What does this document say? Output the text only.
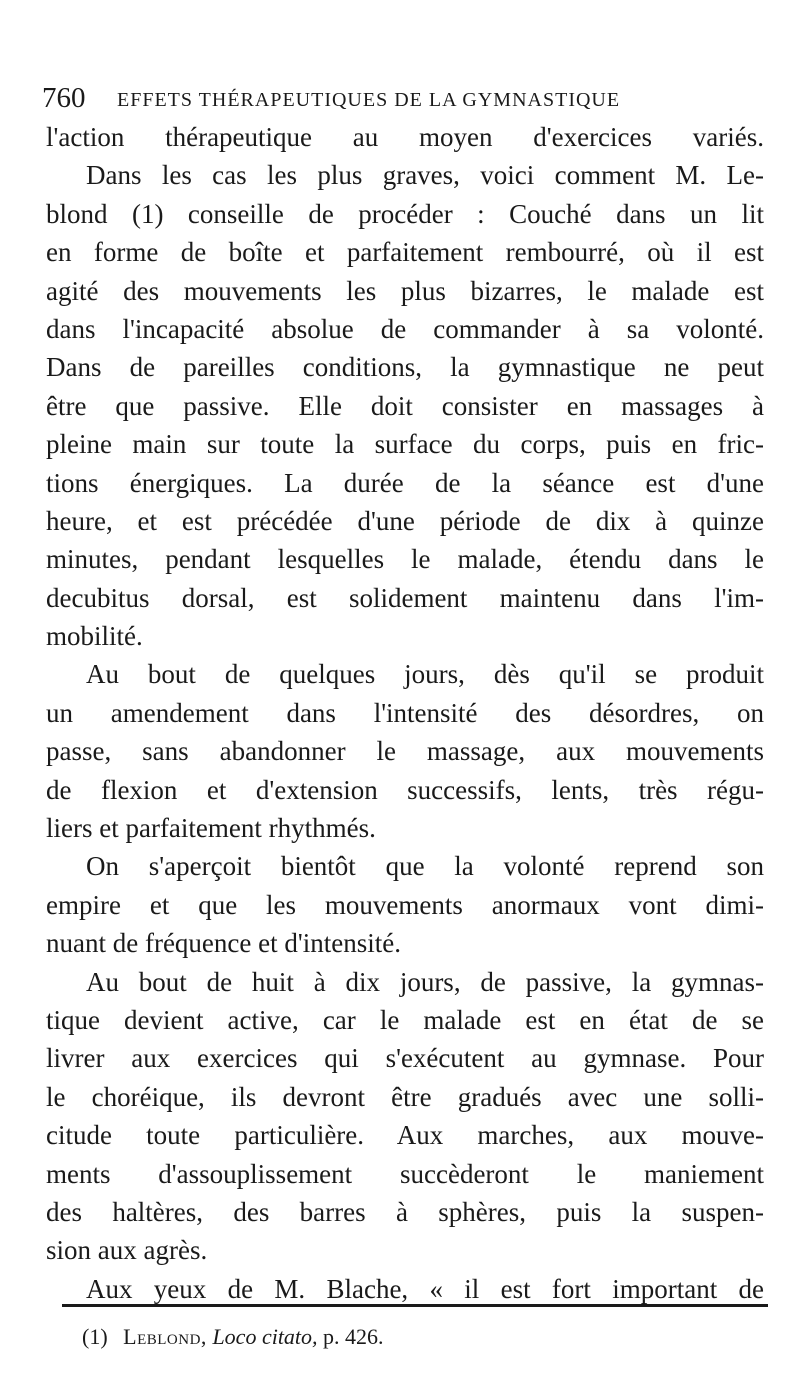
760 EFFETS THÉRAPEUTIQUES DE LA GYMNASTIQUE
l'action thérapeutique au moyen d'exercices variés.
Dans les cas les plus graves, voici comment M. Le-
blond (1) conseille de procéder : Couché dans un lit
en forme de boîte et parfaitement rembourré, où il est
agité des mouvements les plus bizarres, le malade est
dans l'incapacité absolue de commander à sa volonté.
Dans de pareilles conditions, la gymnastique ne peut
être que passive. Elle doit consister en massages à
pleine main sur toute la surface du corps, puis en fric-
tions énergiques. La durée de la séance est d'une
heure, et est précédée d'une période de dix à quinze
minutes, pendant lesquelles le malade, étendu dans le
decubitus dorsal, est solidement maintenu dans l'im-
mobilité.
Au bout de quelques jours, dès qu'il se produit
un amendement dans l'intensité des désordres, on
passe, sans abandonner le massage, aux mouvements
de flexion et d'extension successifs, lents, très régu-
liers et parfaitement rhythmés.
On s'aperçoit bientôt que la volonté reprend son
empire et que les mouvements anormaux vont dimi-
nuant de fréquence et d'intensité.
Au bout de huit à dix jours, de passive, la gymnas-
tique devient active, car le malade est en état de se
livrer aux exercices qui s'exécutent au gymnase. Pour
le choréique, ils devront être gradués avec une solli-
citude toute particulière. Aux marches, aux mouve-
ments d'assouplissement succèderont le maniement
des haltères, des barres à sphères, puis la suspen-
sion aux agrès.
Aux yeux de M. Blache, « il est fort important de
(1) Leblond, Loco citato, p. 426.
